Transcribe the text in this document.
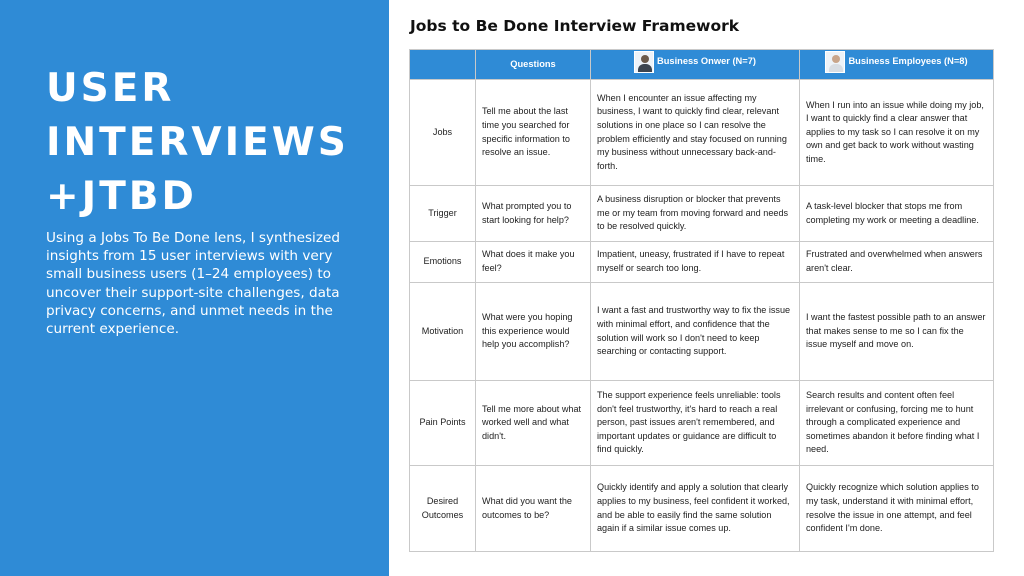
USER
INTERVIEWS
+JTBD

Using a Jobs To Be Done lens, I synthesized insights from 15 user interviews with very small business users (1–24 employees) to uncover their support-site challenges, data privacy concerns, and unmet needs in the current experience.

Jobs to Be Done Interview Framework
	Questions	Business Onwer (N=7)	Business Employees (N=8)

Jobs	Tell me about the last time you searched for specific information to resolve an issue.	When I encounter an issue affecting my business, I want to quickly find clear, relevant solutions in one place so I can resolve the problem efficiently and stay focused on running my business without unnecessary back-and-forth.	When I run into an issue while doing my job, I want to quickly find a clear answer that applies to my task so I can resolve it on my own and get back to work without wasting time.
Trigger	What prompted you to start looking for help?	A business disruption or blocker that prevents me or my team from moving forward and needs to be resolved quickly.	A task-level blocker that stops me from completing my work or meeting a deadline.
Emotions	What does it make you feel?	Impatient, uneasy, frustrated if I have to repeat myself or search too long.	Frustrated and overwhelmed when answers aren't clear.
Motivation	What were you hoping this experience would help you accomplish?	I want a fast and trustworthy way to fix the issue with minimal effort, and confidence that the solution will work so I don't need to keep searching or contacting support.	I want the fastest possible path to an answer that makes sense to me so I can fix the issue myself and move on.
Pain Points	Tell me more about what worked well and what didn't.	The support experience feels unreliable: tools don't feel trustworthy, it's hard to reach a real person, past issues aren't remembered, and important updates or guidance are difficult to find quickly.	Search results and content often feel irrelevant or confusing, forcing me to hunt through a complicated experience and sometimes abandon it before finding what I need.
Desired Outcomes	What did you want the outcomes to be?	Quickly identify and apply a solution that clearly applies to my business, feel confident it worked, and be able to easily find the same solution again if a similar issue comes up.	Quickly recognize which solution applies to my task, understand it with minimal effort, resolve the issue in one attempt, and feel confident I'm done.
